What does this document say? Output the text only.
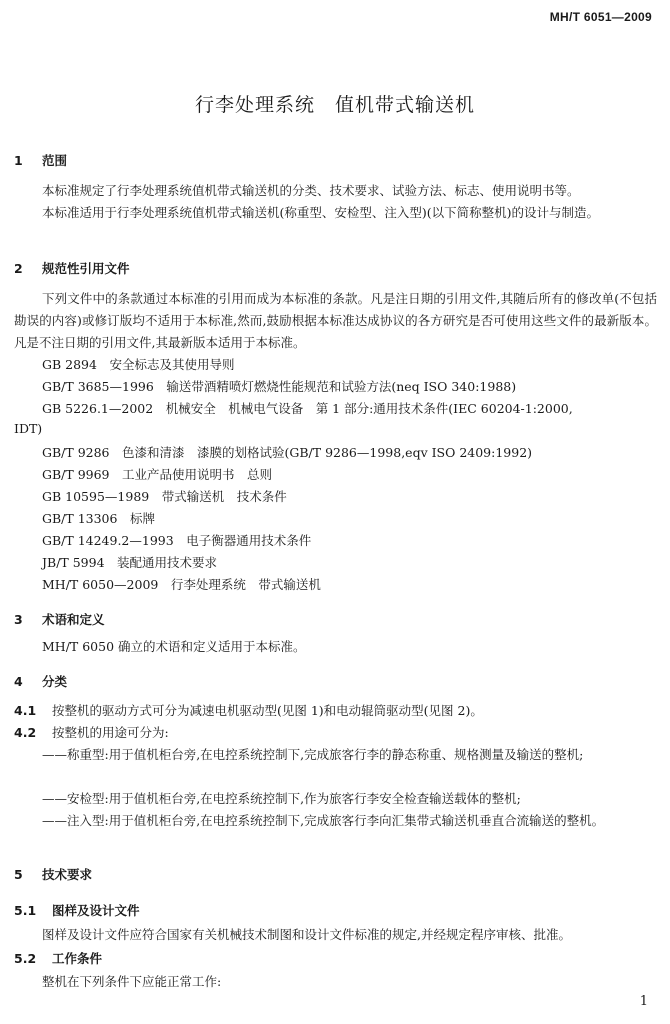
MH/T 6051—2009
行李处理系统　值机带式输送机
1 范围
本标准规定了行李处理系统值机带式输送机的分类、技术要求、试验方法、标志、使用说明书等。
本标准适用于行李处理系统值机带式输送机(称重型、安检型、注入型)(以下简称整机)的设计与制造。
2 规范性引用文件
下列文件中的条款通过本标准的引用而成为本标准的条款。凡是注日期的引用文件,其随后所有的修改单(不包括勘误的内容)或修订版均不适用于本标准,然而,鼓励根据本标准达成协议的各方研究是否可使用这些文件的最新版本。凡是不注日期的引用文件,其最新版本适用于本标准。
GB 2894　安全标志及其使用导则
GB/T 3685—1996　输送带酒精喷灯燃烧性能规范和试验方法(neq ISO 340:1988)
GB 5226.1—2002　机械安全　机械电气设备　第 1 部分:通用技术条件(IEC 60204-1:2000,
IDT)
GB/T 9286　色漆和清漆　漆膜的划格试验(GB/T 9286—1998,eqv ISO 2409:1992)
GB/T 9969　工业产品使用说明书　总则
GB 10595—1989　带式输送机　技术条件
GB/T 13306　标牌
GB/T 14249.2—1993　电子衡器通用技术条件
JB/T 5994　装配通用技术要求
MH/T 6050—2009　行李处理系统　带式输送机
3 术语和定义
MH/T 6050 确立的术语和定义适用于本标准。
4 分类
4.1 按整机的驱动方式可分为减速电机驱动型(见图 1)和电动辊筒驱动型(见图 2)。
4.2 按整机的用途可分为:
——称重型:用于值机柜台旁,在电控系统控制下,完成旅客行李的静态称重、规格测量及输送的整机;
——安检型:用于值机柜台旁,在电控系统控制下,作为旅客行李安全检查输送载体的整机;
——注入型:用于值机柜台旁,在电控系统控制下,完成旅客行李向汇集带式输送机垂直合流输送的整机。
5 技术要求
5.1 图样及设计文件
图样及设计文件应符合国家有关机械技术制图和设计文件标准的规定,并经规定程序审核、批准。
5.2 工作条件
整机在下列条件下应能正常工作:
1
